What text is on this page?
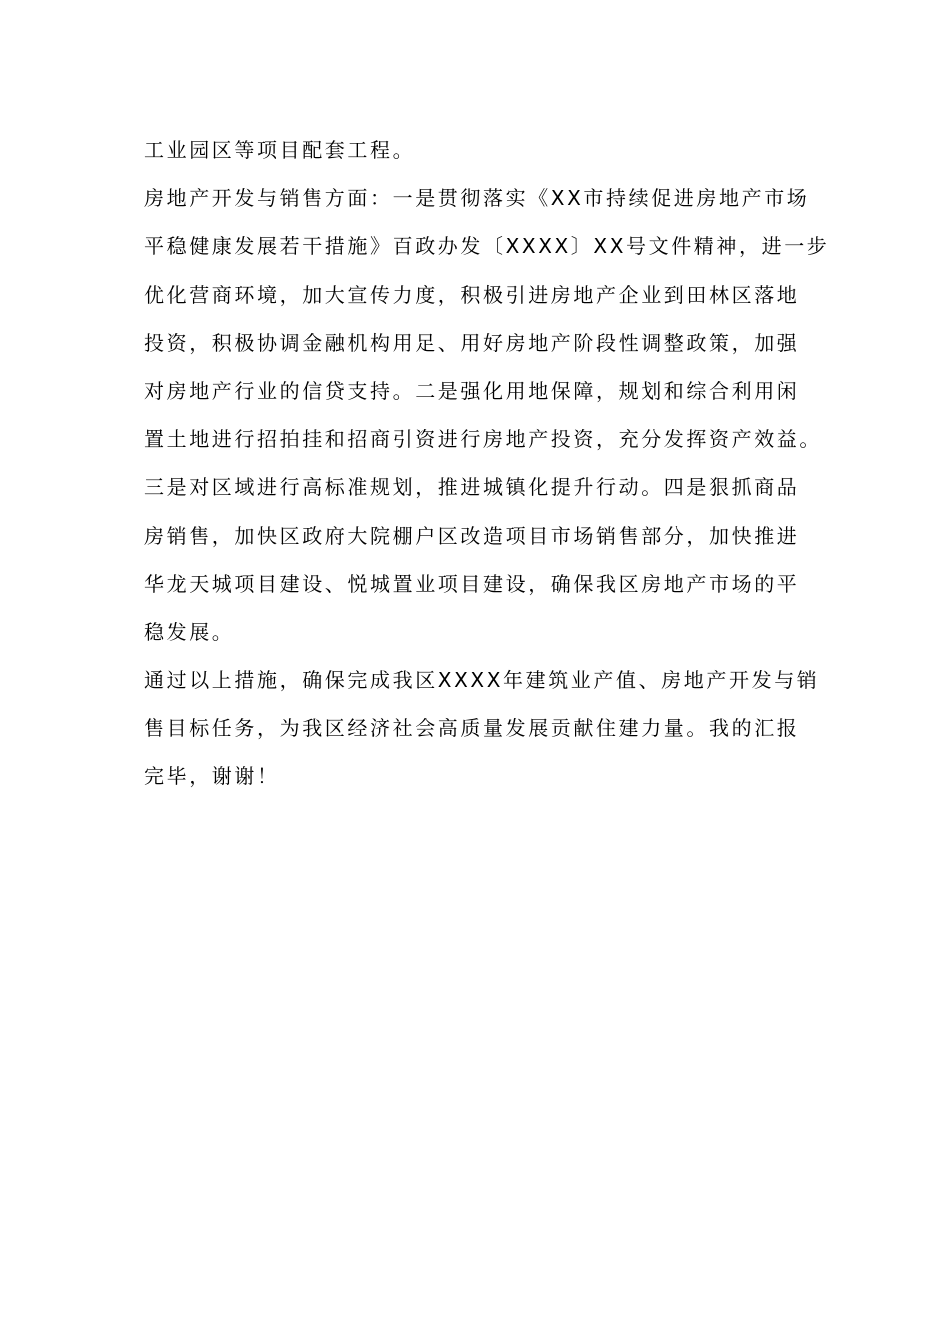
工业园区等项目配套工程。
房地产开发与销售方面：一是贯彻落实《XX市持续促进房地产市场
平稳健康发展若干措施》百政办发〔XXXX〕XX号文件精神，进一步
优化营商环境，加大宣传力度，积极引进房地产企业到田林区落地
投资，积极协调金融机构用足、用好房地产阶段性调整政策，加强
对房地产行业的信贷支持。二是强化用地保障，规划和综合利用闲
置土地进行招拍挂和招商引资进行房地产投资，充分发挥资产效益。
三是对区域进行高标准规划，推进城镇化提升行动。四是狠抓商品
房销售，加快区政府大院棚户区改造项目市场销售部分，加快推进
华龙天城项目建设、悦城置业项目建设，确保我区房地产市场的平
稳发展。
通过以上措施，确保完成我区XXXX年建筑业产值、房地产开发与销
售目标任务，为我区经济社会高质量发展贡献住建力量。我的汇报
完毕，谢谢！
